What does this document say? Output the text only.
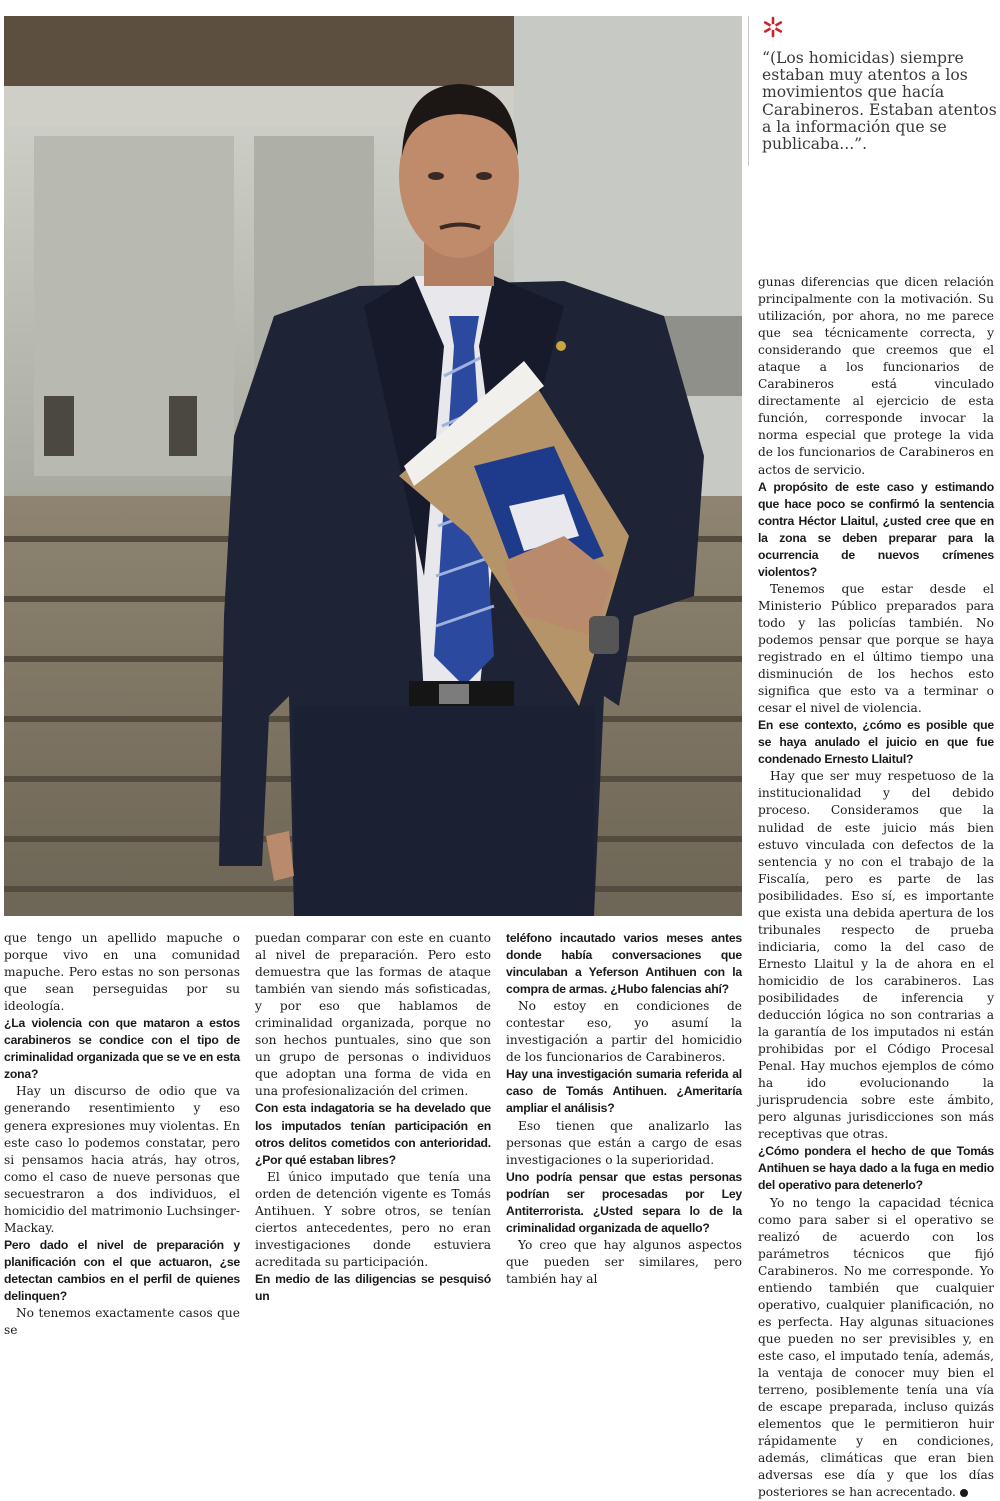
“(Los homicidas) siempre estaban muy atentos a los movimientos que hacía Carabineros. Estaban atentos a la información que se publicaba...”.

que tengo un apellido mapuche o porque vivo en una comunidad mapuche. Pero estas no son personas que sean perseguidas por su ideología.

¿La violencia con que mataron a estos carabineros se condice con el tipo de criminalidad organizada que se ve en esta zona?

Hay un discurso de odio que va generando resentimiento y eso genera expresiones muy violentas. En este caso lo podemos constatar, pero si pensamos hacia atrás, hay otros, como el caso de nueve personas que secuestraron a dos individuos, el homicidio del matrimonio Luchsinger-Mackay.

Pero dado el nivel de preparación y planificación con el que actuaron, ¿se detectan cambios en el perfil de quienes delinquen?

No tenemos exactamente casos que se

puedan comparar con este en cuanto al nivel de preparación. Pero esto demuestra que las formas de ataque también van siendo más sofisticadas, y por eso que hablamos de criminalidad organizada, porque no son hechos puntuales, sino que son un grupo de personas o individuos que adoptan una forma de vida en una profesionalización del crimen.

Con esta indagatoria se ha develado que los imputados tenían participación en otros delitos cometidos con anterioridad. ¿Por qué estaban libres?

El único imputado que tenía una orden de detención vigente es Tomás Antihuen. Y sobre otros, se tenían ciertos antecedentes, pero no eran investigaciones donde estuviera acreditada su participación.

En medio de las diligencias se pesquisó un

teléfono incautado varios meses antes donde había conversaciones que vinculaban a Yeferson Antihuen con la compra de armas. ¿Hubo falencias ahí?

No estoy en condiciones de contestar eso, yo asumí la investigación a partir del homicidio de los funcionarios de Carabineros.

Hay una investigación sumaria referida al caso de Tomás Antihuen. ¿Ameritaría ampliar el análisis?

Eso tienen que analizarlo las personas que están a cargo de esas investigaciones o la superioridad.

Uno podría pensar que estas personas podrían ser procesadas por Ley Antiterrorista. ¿Usted separa lo de la criminalidad organizada de aquello?

Yo creo que hay algunos aspectos que pueden ser similares, pero también hay al

gunas diferencias que dicen relación principalmente con la motivación. Su utilización, por ahora, no me parece que sea técnicamente correcta, y considerando que creemos que el ataque a los funcionarios de Carabineros está vinculado directamente al ejercicio de esta función, corresponde invocar la norma especial que protege la vida de los funcionarios de Carabineros en actos de servicio.

A propósito de este caso y estimando que hace poco se confirmó la sentencia contra Héctor Llaitul, ¿usted cree que en la zona se deben preparar para la ocurrencia de nuevos crímenes violentos?

Tenemos que estar desde el Ministerio Público preparados para todo y las policías también. No podemos pensar que porque se haya registrado en el último tiempo una disminución de los hechos esto significa que esto va a terminar o cesar el nivel de violencia.

En ese contexto, ¿cómo es posible que se haya anulado el juicio en que fue condenado Ernesto Llaitul?

Hay que ser muy respetuoso de la institucionalidad y del debido proceso. Consideramos que la nulidad de este juicio más bien estuvo vinculada con defectos de la sentencia y no con el trabajo de la Fiscalía, pero es parte de las posibilidades. Eso sí, es importante que exista una debida apertura de los tribunales respecto de prueba indiciaria, como la del caso de Ernesto Llaitul y la de ahora en el homicidio de los carabineros. Las posibilidades de inferencia y deducción lógica no son contrarias a la garantía de los imputados ni están prohibidas por el Código Procesal Penal. Hay muchos ejemplos de cómo ha ido evolucionando la jurisprudencia sobre este ámbito, pero algunas jurisdicciones son más receptivas que otras.

¿Cómo pondera el hecho de que Tomás Antihuen se haya dado a la fuga en medio del operativo para detenerlo?

Yo no tengo la capacidad técnica como para saber si el operativo se realizó de acuerdo con los parámetros técnicos que fijó Carabineros. No me corresponde. Yo entiendo también que cualquier operativo, cualquier planificación, no es perfecta. Hay algunas situaciones que pueden no ser previsibles y, en este caso, el imputado tenía, además, la ventaja de conocer muy bien el terreno, posiblemente tenía una vía de escape preparada, incluso quizás elementos que le permitieron huir rápidamente y en condiciones, además, climáticas que eran bien adversas ese día y que los días posteriores se han acrecentado.
